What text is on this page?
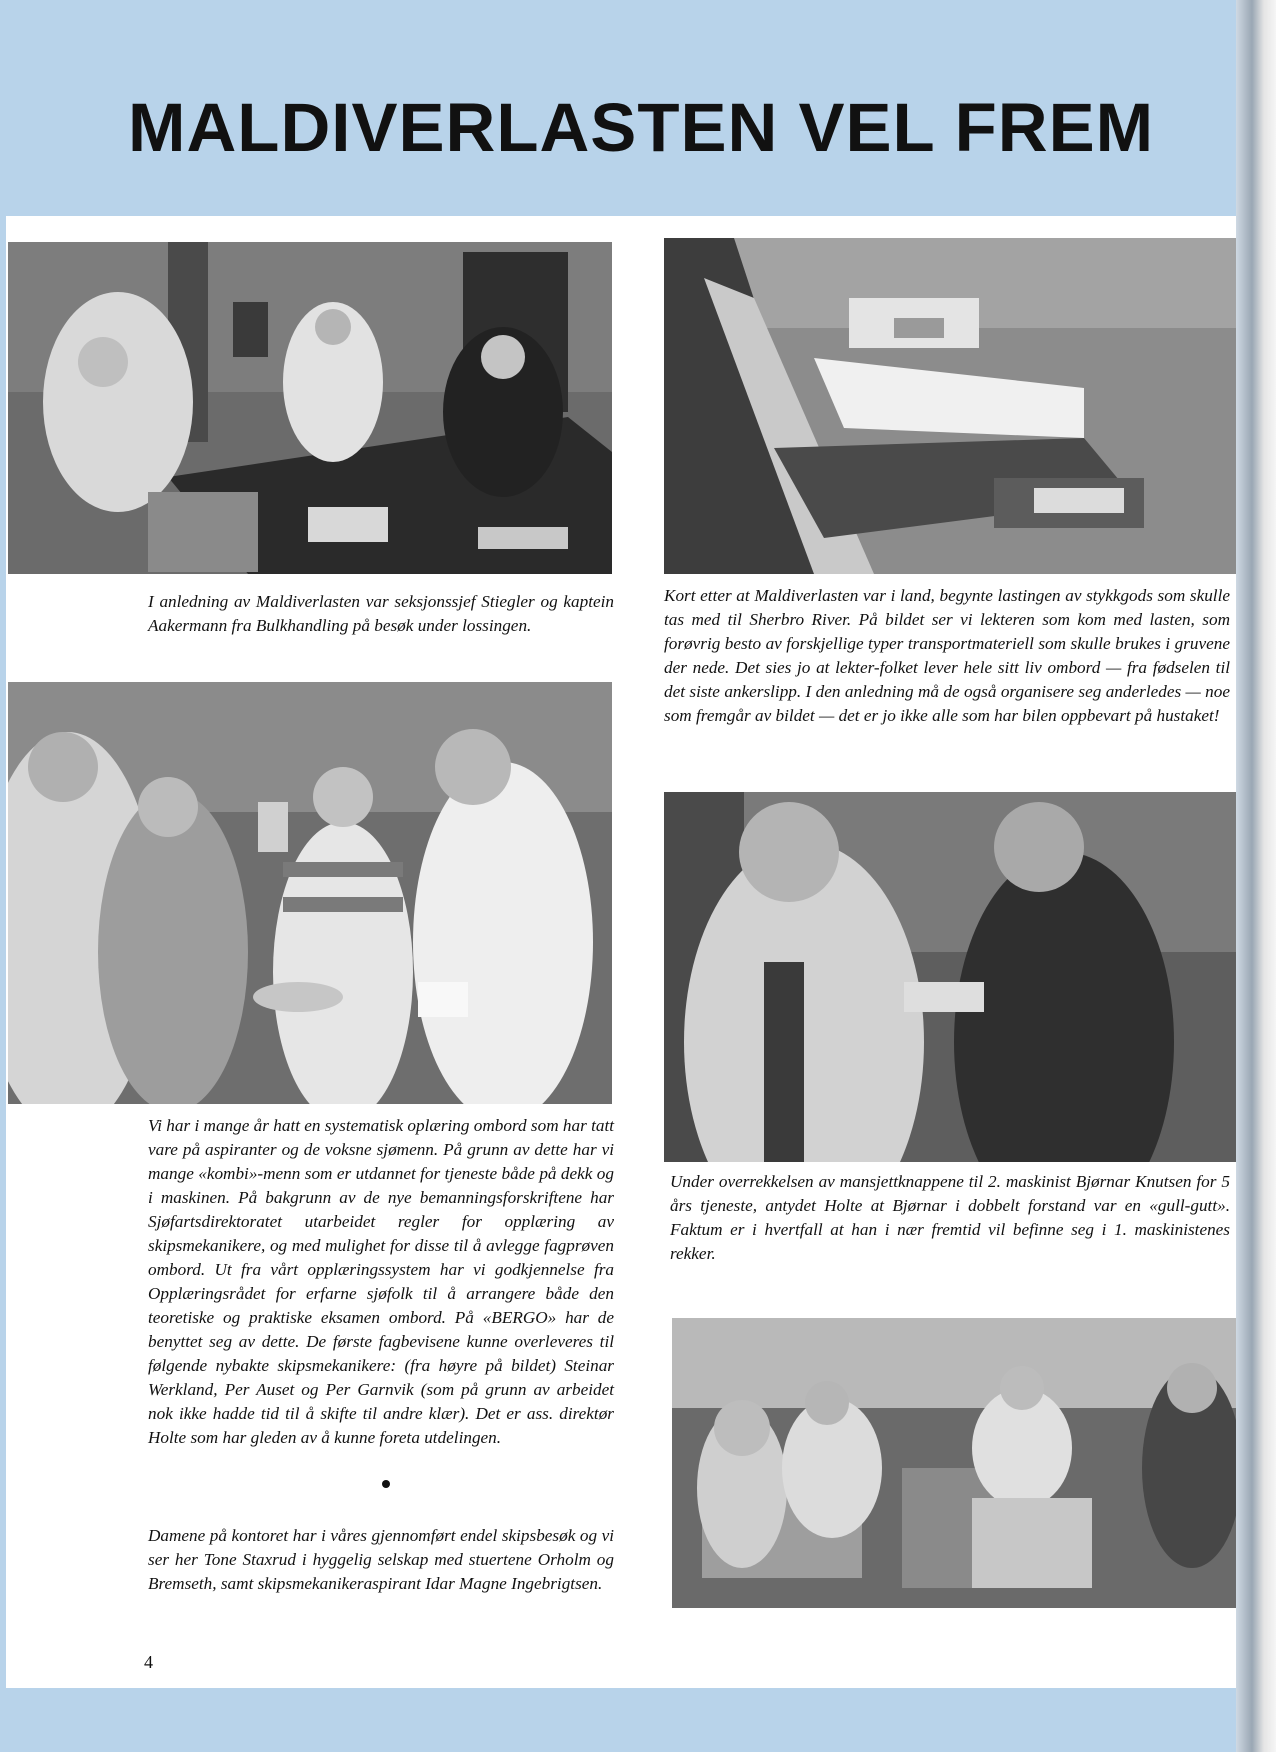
MALDIVERLASTEN VEL FREM

I anledning av Maldiverlasten var seksjonssjef Stiegler og kaptein Aakermann fra Bulkhandling på besøk under lossingen.

Kort etter at Maldiverlasten var i land, begynte lastingen av stykkgods som skulle tas med til Sherbro River. På bildet ser vi lekteren som kom med lasten, som forøvrig besto av forskjellige typer transportmateriell som skulle brukes i gruvene der nede. Det sies jo at lekter-folket lever hele sitt liv ombord — fra fødselen til det siste ankerslipp. I den anledning må de også organisere seg anderledes — noe som fremgår av bildet — det er jo ikke alle som har bilen oppbevart på hustaket!

Vi har i mange år hatt en systematisk oplæring ombord som har tatt vare på aspiranter og de voksne sjømenn. På grunn av dette har vi mange «kombi»-menn som er utdannet for tjeneste både på dekk og i maskinen. På bakgrunn av de nye bemanningsforskriftene har Sjøfartsdirektoratet utarbeidet regler for opplæring av skipsmekanikere, og med mulighet for disse til å avlegge fagprøven ombord. Ut fra vårt opplæringssystem har vi godkjennelse fra Opplæringsrådet for erfarne sjøfolk til å arrangere både den teoretiske og praktiske eksamen ombord. På «BERGO» har de benyttet seg av dette. De første fagbevisene kunne overleveres til følgende nybakte skipsmekanikere: (fra høyre på bildet) Steinar Werkland, Per Auset og Per Garnvik (som på grunn av arbeidet nok ikke hadde tid til å skifte til andre klær). Det er ass. direktør Holte som har gleden av å kunne foreta utdelingen.

Under overrekkelsen av mansjettknappene til 2. maskinist Bjørnar Knutsen for 5 års tjeneste, antydet Holte at Bjørnar i dobbelt forstand var en «gull-gutt». Faktum er i hvertfall at han i nær fremtid vil befinne seg i 1. maskinistenes rekker.

Damene på kontoret har i våres gjennomført endel skipsbesøk og vi ser her Tone Staxrud i hyggelig selskap med stuertene Orholm og Bremseth, samt skipsmekanikeraspirant Idar Magne Ingebrigtsen.

4
